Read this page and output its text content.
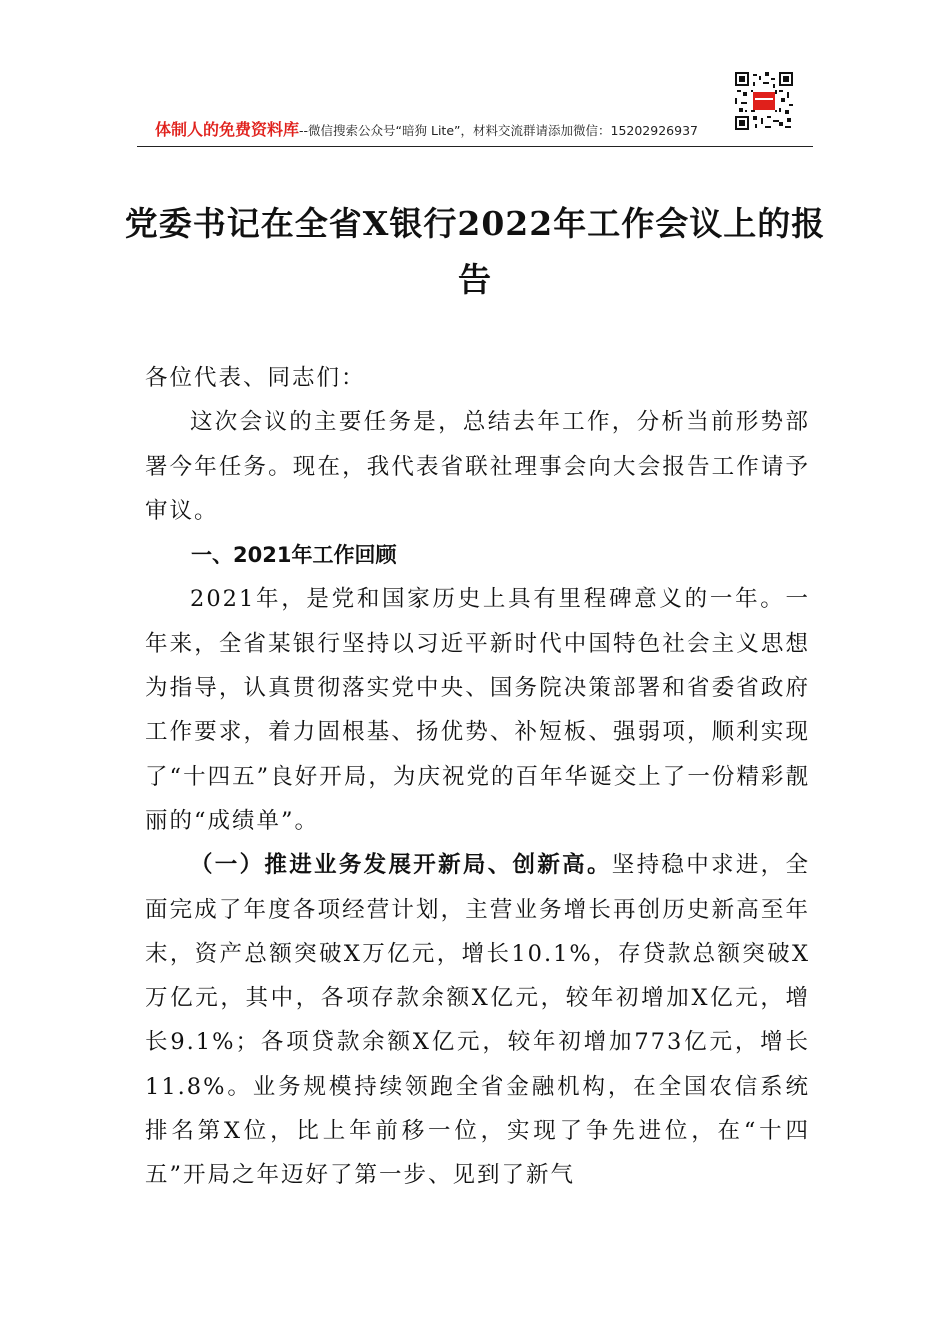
体制人的免费资料库--微信搜索公众号“暗狗 Lite”，材料交流群请添加微信：15202926937
党委书记在全省X银行2022年工作会议上的报告

各位代表、同志们：

这次会议的主要任务是，总结去年工作，分析当前形势部署今年任务。现在，我代表省联社理事会向大会报告工作请予审议。

一、2021年工作回顾

2021年，是党和国家历史上具有里程碑意义的一年。一年来，全省某银行坚持以习近平新时代中国特色社会主义思想为指导，认真贯彻落实党中央、国务院决策部署和省委省政府工作要求，着力固根基、扬优势、补短板、强弱项，顺利实现了“十四五”良好开局，为庆祝党的百年华诞交上了一份精彩靓丽的“成绩单”。

（一）推进业务发展开新局、创新高。坚持稳中求进，全面完成了年度各项经营计划，主营业务增长再创历史新高至年末，资产总额突破X万亿元，增长10.1%，存贷款总额突破X万亿元，其中，各项存款余额X亿元，较年初增加X亿元，增长9.1%；各项贷款余额X亿元，较年初增加773亿元，增长11.8%。业务规模持续领跑全省金融机构，在全国农信系统排名第X位，比上年前移一位，实现了争先进位，在“十四五”开局之年迈好了第一步、见到了新气
